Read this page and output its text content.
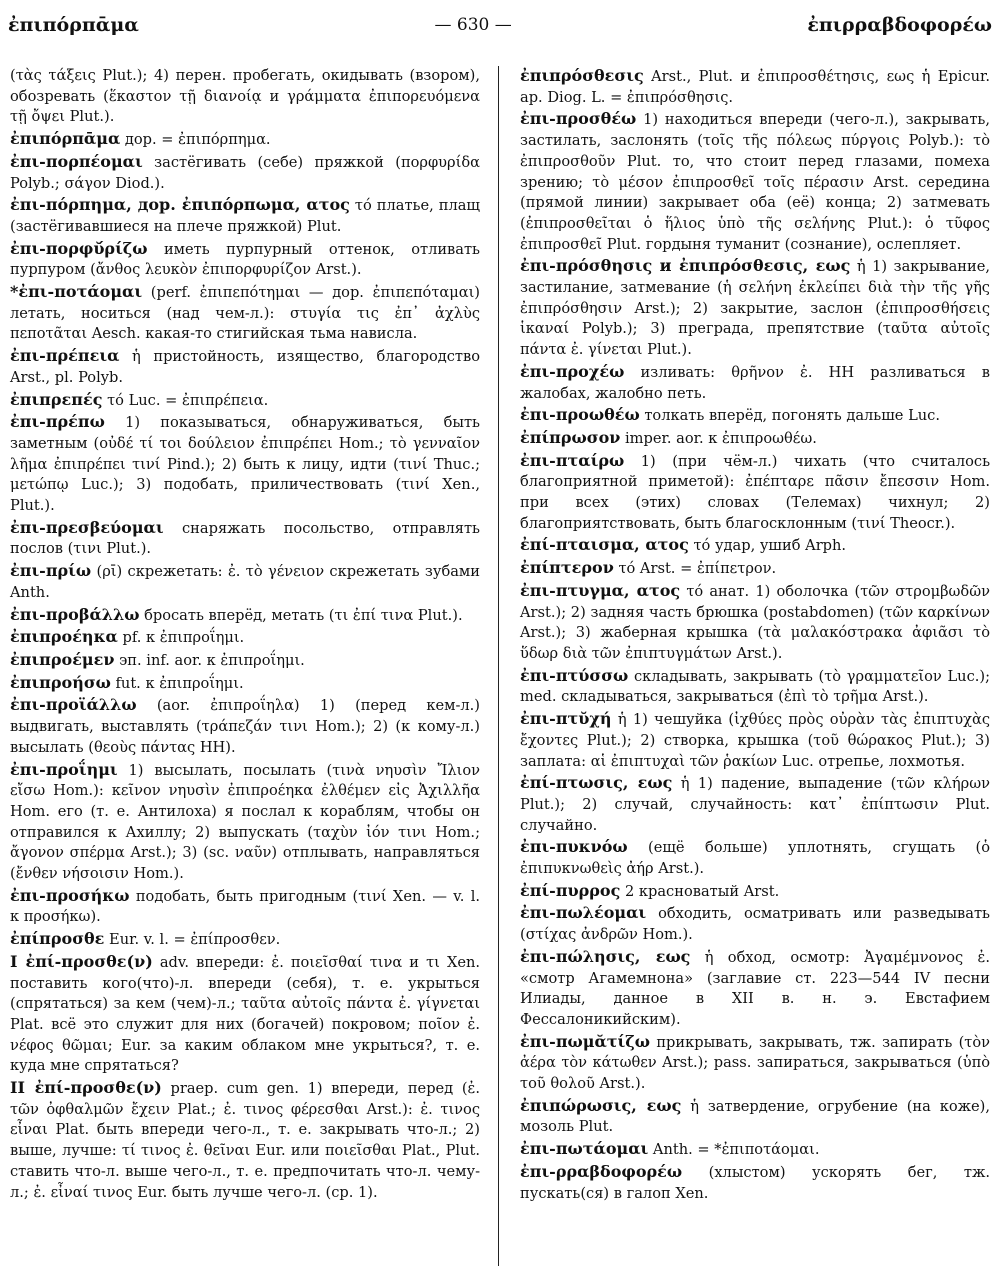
ἐπιπόρπᾱμα	— 630 —	ἐπιρραβδοφορέω
(τὰς τάξεις Plut.); 4) перен. пробегать, окидывать (взором), обозревать (ἕκαστον τῇ διανοίᾳ и γράμματα ἐπιπορευόμενα τῇ ὄψει Plut.).
ἐπιπόρπᾱμα дор. = ἐπιπόρπημα.
ἐπι-πορπέομαι застёгивать (себе) пряжкой (πορφυρίδα Polyb.; σάγον Diod.).
ἐπι-πόρπημα, дор. ἐπιπόρπωμα, ατος τό платье, плащ (застёгивавшиеся на плече пряжкой) Plut.
ἐπι-πορφῠ́ρίζω иметь пурпурный оттенок, отливать пурпуром (ἄνθος λευκὸν ἐπιπορφυρίζον Arst.).
*ἐπι-ποτάομαι (perf. ἐπιπεπότημαι — дор. ἐπιπεπόταμαι) летать, носиться (над чем-л.): στυγία τις ἐπ᾽ ἀχλὺς πεποτᾶται Aesch. какая-то стигийская тьма нависла.
ἐπι-πρέπεια ἡ пристойность, изящество, благородство Arst., pl. Polyb.
ἐπιπρεπές τό Luc. = ἐπιπρέπεια.
ἐπι-πρέπω 1) показываться, обнаруживаться, быть заметным (οὐδέ τί τοι δούλειον ἐπιπρέπει Hom.; τὸ γενναῖον λῆμα ἐπιπρέπει τινί Pind.); 2) быть к лицу, идти (τινί Thuc.; μετώπῳ Luc.); 3) подобать, приличествовать (τινί Xen., Plut.).
ἐπι-πρεσβεύομαι снаряжать посольство, отправлять послов (τινι Plut.).
ἐπι-πρίω (ρῑ) скрежетать: ἐ. τὸ γένειον скрежетать зубами Anth.
ἐπι-προβάλλω бросать вперёд, метать (τι ἐπί τινα Plut.).
ἐπιπροέηκα pf. к ἐπιπροΐημι.
ἐπιπροέμεν эп. inf. aor. к ἐπιπροΐημι.
ἐπιπροήσω fut. к ἐπιπροΐημι.
ἐπι-προϊάλλω (aor. ἐπιπροΐηλα) 1) (перед кем-л.) выдвигать, выставлять (τράπεζάν τινι Hom.); 2) (к кому-л.) высылать (θεοὺς πάντας HH).
ἐπι-προΐημι 1) высылать, посылать (τινὰ νηυσὶν Ἴλιον εἴσω Hom.): κεῖνον νηυσὶν ἐπιπροέηκα ἐλθέμεν εἰς Ἀχιλλῆα Hom. его (т. е. Антилоха) я послал к кораблям, чтобы он отправился к Ахиллу; 2) выпускать (ταχὺν ἰόν τινι Hom.; ἄγονον σπέρμα Arst.); 3) (sc. ναῦν) отплывать, направляться (ἔνθεν νήσοισιν Hom.).
ἐπι-προσήκω подобать, быть пригодным (τινί Xen. — v. l. к προσήκω).
ἐπίπροσθε Eur. v. l. = ἐπίπροσθεν.
I ἐπί-προσθε(ν) adv. впереди: ἐ. ποιεῖσθαί τινα и τι Xen. поставить кого(что)-л. впереди (себя), т. е. укрыться (спрятаться) за кем (чем)-л.; ταῦτα αὐτοῖς πάντα ἐ. γίγνεται Plat. всё это служит для них (богачей) покровом; ποῖον ἐ. νέφος θῶμαι; Eur. за каким облаком мне укрыться?, т. е. куда мне спрятаться?
II ἐπί-προσθε(ν) praep. cum gen. 1) впереди, перед (ἐ. τῶν ὀφθαλμῶν ἔχειν Plat.; ἐ. τινος φέρεσθαι Arst.): ἐ. τινος εἶναι Plat. быть впереди чего-л., т. е. закрывать что-л.; 2) выше, лучше: τί τινος ἐ. θεῖναι Eur. или ποιεῖσθαι Plat., Plut. ставить что-л. выше чего-л., т. е. предпочитать что-л. чему-л.; ἐ. εἶναί τινος Eur. быть лучше чего-л. (ср. 1).
ἐπιπρόσθεσις Arst., Plut. и ἐπιπροσθέτησις, εως ἡ Epicur. ap. Diog. L. = ἐπιπρόσθησις.
ἐπι-προσθέω 1) находиться впереди (чего-л.), закрывать, застилать, заслонять (τοῖς τῆς πόλεως πύργοις Polyb.): τὸ ἐπιπροσθοῦν Plut. то, что стоит перед глазами, помеха зрению; τὸ μέσον ἐπιπροσθεῖ τοῖς πέρασιν Arst. середина (прямой линии) закрывает оба (её) конца; 2) затмевать (ἐπιπροσθεῖται ὁ ἥλιος ὑπὸ τῆς σελήνης Plut.): ὁ τῦφος ἐπιπροσθεῖ Plut. гордыня туманит (сознание), ослепляет.
ἐπι-πρόσθησις и ἐπιπρόσθεσις, εως ἡ 1) закрывание, застилание, затмевание (ἡ σελήνη ἐκλείπει διὰ τὴν τῆς γῆς ἐπιπρόσθησιν Arst.); 2) закрытие, заслон (ἐπιπροσθήσεις ἱκαναί Polyb.); 3) преграда, препятствие (ταῦτα αὐτοῖς πάντα ἐ. γίνεται Plut.).
ἐπι-προχέω изливать: θρῆνον ἐ. HH разливаться в жалобах, жалобно петь.
ἐπι-προωθέω толкать вперёд, погонять дальше Luc.
ἐπίπρωσον imper. aor. к ἐπιπροωθέω.
ἐπι-πταίρω 1) (при чём-л.) чихать (что считалось благоприятной приметой): ἐπέπταρε πᾶσιν ἔπεσσιν Hom. при всех (этих) словах (Телемах) чихнул; 2) благоприятствовать, быть благосклонным (τινί Theocr.).
ἐπί-πταισμα, ατος τό удар, ушиб Arph.
ἐπίπτερον τό Arst. = ἐπίπετρον.
ἐπι-πτυγμα, ατος τό анат. 1) оболочка (τῶν στρομβωδῶν Arst.); 2) задняя часть брюшка (postabdomen) (τῶν καρκίνων Arst.); 3) жаберная крышка (τὰ μαλακόστρακα ἀφιᾶσι τὸ ὕδωρ διὰ τῶν ἐπιπτυγμάτων Arst.).
ἐπι-πτύσσω складывать, закрывать (τὸ γραμματεῖον Luc.); med. складываться, закрываться (ἐπὶ τὸ τρῆμα Arst.).
ἐπι-πτῠχή ἡ 1) чешуйка (ἰχθύες πρὸς οὐρὰν τὰς ἐπιπτυχὰς ἔχοντες Plut.); 2) створка, крышка (τοῦ θώρακος Plut.); 3) заплата: αἱ ἐπιπτυχαὶ τῶν ῥακίων Luc. отрепье, лохмотья.
ἐπί-πτωσις, εως ἡ 1) падение, выпадение (τῶν κλήρων Plut.); 2) случай, случайность: κατ᾽ ἐπίπτωσιν Plut. случайно.
ἐπι-πυκνόω (ещё больше) уплотнять, сгущать (ὁ ἐπιπυκνωθεὶς ἀήρ Arst.).
ἐπί-πυρρος 2 красноватый Arst.
ἐπι-πωλέομαι обходить, осматривать или разведывать (στίχας ἀνδρῶν Hom.).
ἐπι-πώλησις, εως ἡ обход, осмотр: Ἀγαμέμνονος ἐ. «смотр Агамемнона» (заглавие ст. 223—544 IV песни Илиады, данное в XII в. н. э. Евстафием Фессалоникийским).
ἐπι-πωμᾰτίζω прикрывать, закрывать, тж. запирать (τὸν ἀέρα τὸν κάτωθεν Arst.); pass. запираться, закрываться (ὑπὸ τοῦ θολοῦ Arst.).
ἐπιπώρωσις, εως ἡ затвердение, огрубение (на коже), мозоль Plut.
ἐπι-πωτάομαι Anth. = *ἐπιποτάομαι.
ἐπι-ρραβδοφορέω (хлыстом) ускорять бег, тж. пускать(ся) в галоп Xen.
